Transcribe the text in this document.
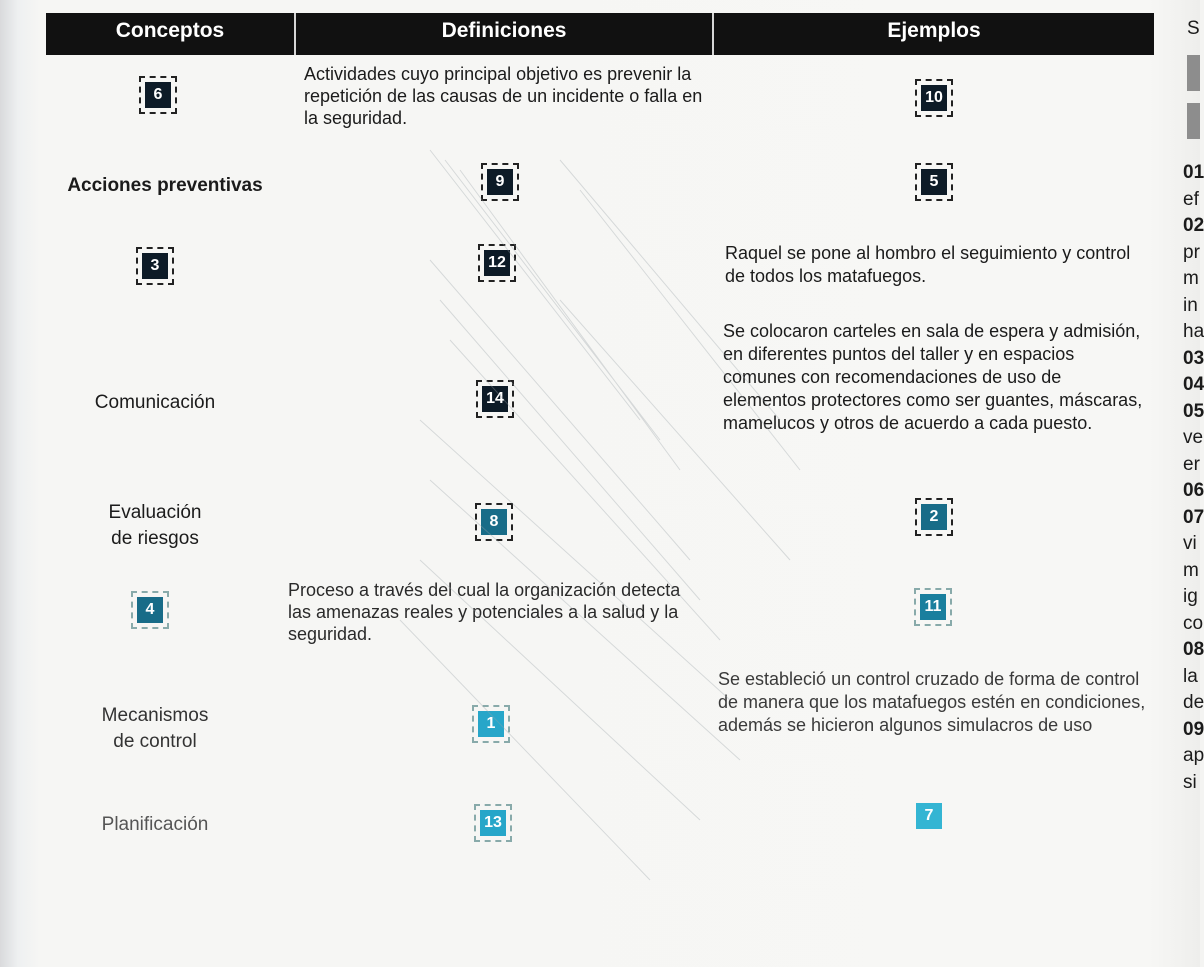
Conceptos	Definiciones	Ejemplos
6
Acciones preventivas
3
Comunicación
Evaluación
de riesgos
4
Mecanismos
de control
Planificación
Actividades cuyo principal objetivo es prevenir la repetición de las causas de un incidente o falla en la seguridad.
9
12
14
8
Proceso a través del cual la organización detecta las amenazas reales y potenciales a la salud y la seguridad.
1
13
10
5
Raquel se pone al hombro el seguimiento y control de todos los matafuegos.
Se colocaron carteles en sala de espera y admisión, en diferentes puntos del taller y en espacios comunes con recomendaciones de uso de elementos protectores como ser guantes, máscaras, mamelucos y otros de acuerdo a cada puesto.
2
11
Se estableció un control cruzado de forma de control de manera que los matafuegos estén en condiciones, además se hicieron algunos simulacros de uso
7
S
01
ef
02
pr
m
in
ha
03
04
05
ve
er
06
07
vi
m
ig
co
08
la
de
09
ap
si
